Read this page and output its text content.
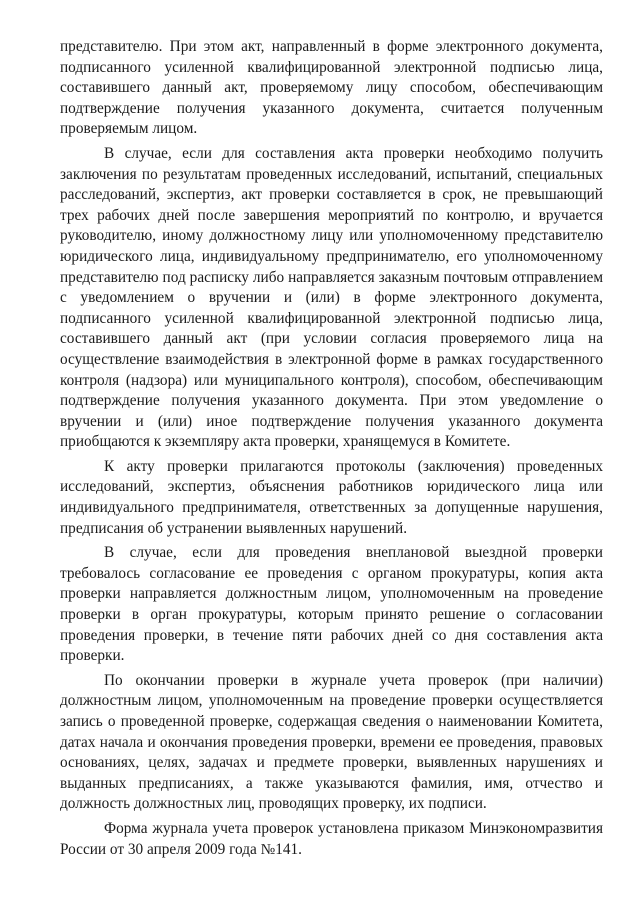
представителю. При этом акт, направленный в форме электронного документа, подписанного усиленной квалифицированной электронной подписью лица, составившего данный акт, проверяемому лицу способом, обеспечивающим подтверждение получения указанного документа, считается полученным проверяемым лицом.

В случае, если для составления акта проверки необходимо получить заключения по результатам проведенных исследований, испытаний, специальных расследований, экспертиз, акт проверки составляется в срок, не превышающий трех рабочих дней после завершения мероприятий по контролю, и вручается руководителю, иному должностному лицу или уполномоченному представителю юридического лица, индивидуальному предпринимателю, его уполномоченному представителю под расписку либо направляется заказным почтовым отправлением с уведомлением о вручении и (или) в форме электронного документа, подписанного усиленной квалифицированной электронной подписью лица, составившего данный акт (при условии согласия проверяемого лица на осуществление взаимодействия в электронной форме в рамках государственного контроля (надзора) или муниципального контроля), способом, обеспечивающим подтверждение получения указанного документа. При этом уведомление о вручении и (или) иное подтверждение получения указанного документа приобщаются к экземпляру акта проверки, хранящемуся в Комитете.

К акту проверки прилагаются протоколы (заключения) проведенных исследований, экспертиз, объяснения работников юридического лица или индивидуального предпринимателя, ответственных за допущенные нарушения, предписания об устранении выявленных нарушений.

В случае, если для проведения внеплановой выездной проверки требовалось согласование ее проведения с органом прокуратуры, копия акта проверки направляется должностным лицом, уполномоченным на проведение проверки в орган прокуратуры, которым принято решение о согласовании проведения проверки, в течение пяти рабочих дней со дня составления акта проверки.

По окончании проверки в журнале учета проверок (при наличии) должностным лицом, уполномоченным на проведение проверки осуществляется запись о проведенной проверке, содержащая сведения о наименовании Комитета, датах начала и окончания проведения проверки, времени ее проведения, правовых основаниях, целях, задачах и предмете проверки, выявленных нарушениях и выданных предписаниях, а также указываются фамилия, имя, отчество и должность должностных лиц, проводящих проверку, их подписи.

Форма журнала учета проверок установлена приказом Минэкономразвития России от 30 апреля 2009 года №141.
